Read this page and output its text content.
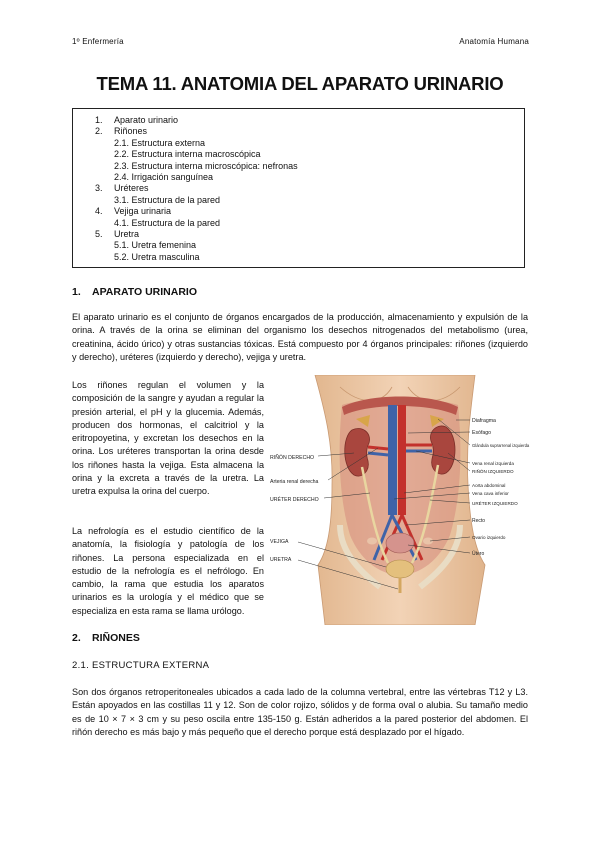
1º Enfermería	Anatomía Humana
TEMA 11. ANATOMIA DEL APARATO URINARIO
1. Aparato urinario
2. Riñones
2.1. Estructura externa
2.2. Estructura interna macroscópica
2.3. Estructura interna microscópica: nefronas
2.4. Irrigación sanguínea
3. Uréteres
3.1. Estructura de la pared
4. Vejiga urinaria
4.1. Estructura de la pared
5. Uretra
5.1. Uretra femenina
5.2. Uretra masculina
1. APARATO URINARIO
El aparato urinario es el conjunto de órganos encargados de la producción, almacenamiento y expulsión de la orina. A través de la orina se eliminan del organismo los desechos nitrogenados del metabolismo (urea, creatinina, ácido úrico) y otras sustancias tóxicas. Está compuesto por 4 órganos principales: riñones (izquierdo y derecho), uréteres (izquierdo y derecho), vejiga y uretra.
Los riñones regulan el volumen y la composición de la sangre y ayudan a regular la presión arterial, el pH y la glucemia. Además, producen dos hormonas, el calcitriol y la eritropoyetina, y excretan los desechos en la orina. Los uréteres transportan la orina desde los riñones hasta la vejiga. Esta almacena la orina y la excreta a través de la uretra. La uretra expulsa la orina del cuerpo.
La nefrología es el estudio científico de la anatomía, la fisiología y patología de los riñones. La persona especializada en el estudio de la nefrología es el nefrólogo. En cambio, la rama que estudia los aparatos urinarios es la urología y el médico que se especializa en esta rama se llama urólogo.
RIÑÓN DERECHO
Arteria renal derecha
URÉTER DERECHO
VEJIGA
URETRA
Diafragma
Esófago
Glándula suprarrenal izquierda
Vena renal izquierda
RIÑÓN IZQUIERDO
Aorta abdominal
Vena cava inferior
URÉTER IZQUIERDO
Recto
Ovario izquierdo
Útero
2. RIÑONES
2.1. ESTRUCTURA EXTERNA
Son dos órganos retroperitoneales ubicados a cada lado de la columna vertebral, entre las vértebras T12 y L3. Están apoyados en las costillas 11 y 12. Son de color rojizo, sólidos y de forma oval o alubia. Su tamaño medio es de 10 × 7 × 3 cm y su peso oscila entre 135-150 g. Están adheridos a la pared posterior del abdomen. El riñón derecho es más bajo y más pequeño que el derecho porque está desplazado por el hígado.
